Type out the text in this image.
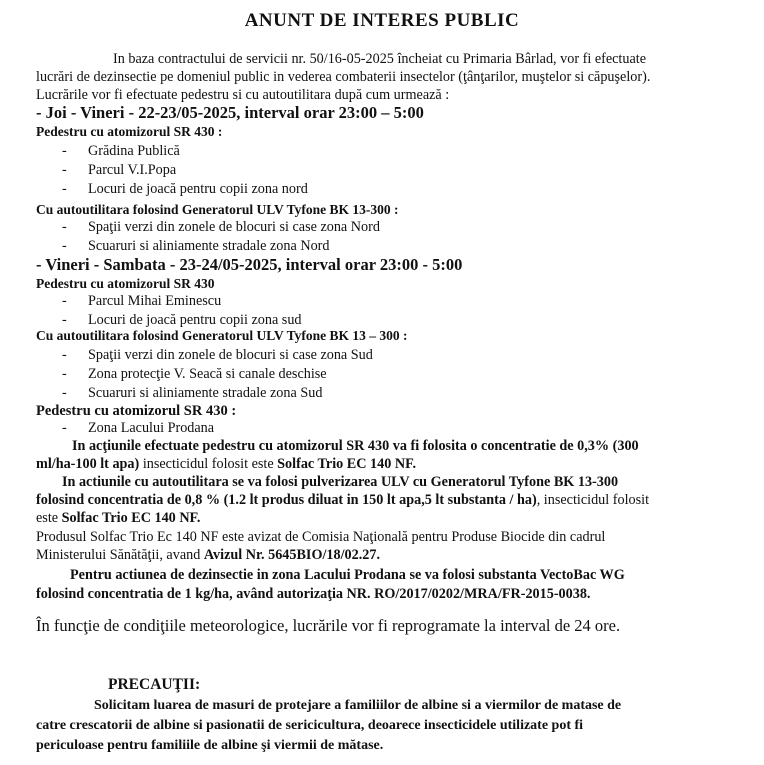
ANUNT DE INTERES PUBLIC
In baza contractului de servicii nr. 50/16-05-2025 încheiat cu Primaria Bârlad, vor fi efectuate
lucrări de dezinsectie pe domeniul public in vederea combaterii insectelor (ţânţarilor, muştelor si căpuşelor).
Lucrările vor fi efectuate pedestru si cu autoutilitara după cum urmează :
- Joi - Vineri - 22-23/05-2025, interval orar 23:00 – 5:00
Pedestru cu atomizorul SR 430 :
- Grădina Publică
- Parcul V.I.Popa
- Locuri de joacă pentru copii zona nord
Cu autoutilitara folosind Generatorul ULV Tyfone BK 13-300 :
- Spaţii verzi din zonele de blocuri si case zona Nord
- Scuaruri si aliniamente stradale zona Nord
- Vineri - Sambata - 23-24/05-2025, interval orar 23:00 - 5:00
Pedestru cu atomizorul SR 430
- Parcul Mihai Eminescu
- Locuri de joacă pentru copii zona sud
Cu autoutilitara folosind Generatorul ULV Tyfone BK 13 – 300 :
- Spaţii verzi din zonele de blocuri si case zona Sud
- Zona protecţie V. Seacă si canale deschise
- Scuaruri si aliniamente stradale zona Sud
Pedestru cu atomizorul SR 430 :
- Zona Lacului Prodana
In acţiunile efectuate pedestru cu atomizorul SR 430 va fi folosita o concentratie de 0,3% (300
ml/ha-100 lt apa) insecticidul folosit este Solfac Trio EC 140 NF.
In actiunile cu autoutilitara se va folosi pulverizarea ULV cu Generatorul Tyfone BK 13-300
folosind concentratia de 0,8 % (1.2 lt produs diluat in 150 lt apa,5 lt substanta / ha), insecticidul folosit
este Solfac Trio EC 140 NF.
Produsul Solfac Trio Ec 140 NF este avizat de Comisia Naţională pentru Produse Biocide din cadrul
Ministerului Sănătăţii, avand Avizul Nr. 5645BIO/18/02.27.
Pentru actiunea de dezinsectie in zona Lacului Prodana se va folosi substanta VectoBac WG
folosind concentratia de 1 kg/ha, având autorizaţia NR. RO/2017/0202/MRA/FR-2015-0038.
În funcţie de condiţiile meteorologice, lucrările vor fi reprogramate la interval de 24 ore.
PRECAUŢII:
Solicitam luarea de masuri de protejare a familiilor de albine si a viermilor de matase de
catre crescatorii de albine si pasionatii de sericicultura, deoarece insecticidele utilizate pot fi
periculoase pentru familiile de albine şi viermii de mătase.
